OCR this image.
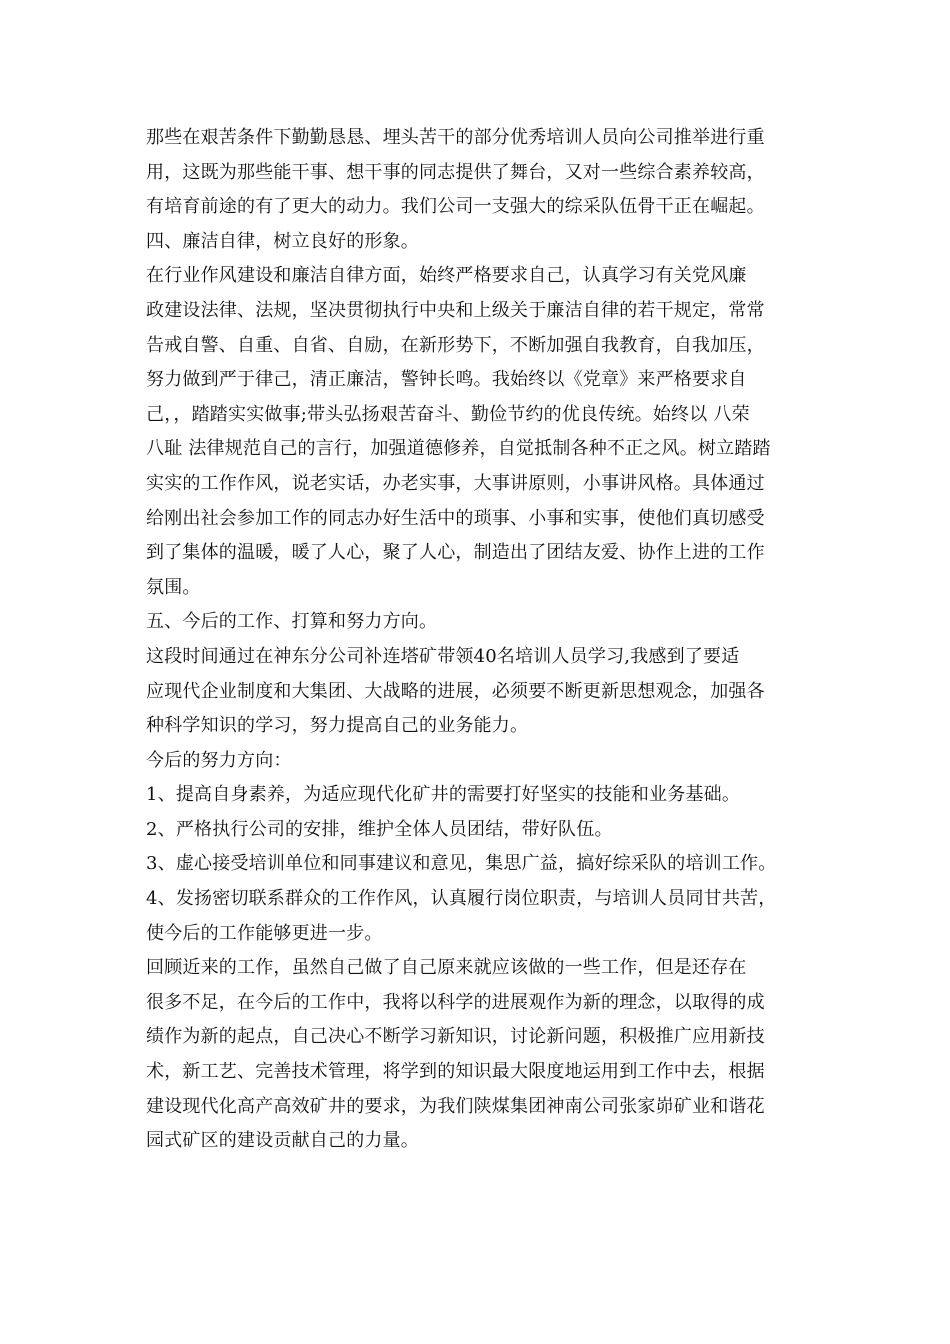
那些在艰苦条件下勤勤恳恳、埋头苦干的部分优秀培训人员向公司推举进行重
用，这既为那些能干事、想干事的同志提供了舞台，又对一些综合素养较高，
有培育前途的有了更大的动力。我们公司一支强大的综采队伍骨干正在崛起。
四、廉洁自律，树立良好的形象。
在行业作风建设和廉洁自律方面，始终严格要求自己，认真学习有关党风廉
政建设法律、法规，坚决贯彻执行中央和上级关于廉洁自律的若干规定，常常
告戒自警、自重、自省、自励，在新形势下，不断加强自我教育，自我加压，
努力做到严于律己，清正廉洁，警钟长鸣。我始终以《党章》来严格要求自
己，，踏踏实实做事;带头弘扬艰苦奋斗、勤俭节约的优良传统。始终以 八荣
八耻 法律规范自己的言行，加强道德修养，自觉抵制各种不正之风。树立踏踏
实实的工作作风，说老实话，办老实事，大事讲原则，小事讲风格。具体通过
给刚出社会参加工作的同志办好生活中的琐事、小事和实事，使他们真切感受
到了集体的温暖，暖了人心，聚了人心，制造出了团结友爱、协作上进的工作
氛围。
五、今后的工作、打算和努力方向。
这段时间通过在神东分公司补连塔矿带领40名培训人员学习,我感到了要适
应现代企业制度和大集团、大战略的进展，必须要不断更新思想观念，加强各
种科学知识的学习，努力提高自己的业务能力。
今后的努力方向：
1、提高自身素养，为适应现代化矿井的需要打好坚实的技能和业务基础。
2、严格执行公司的安排，维护全体人员团结，带好队伍。
3、虚心接受培训单位和同事建议和意见，集思广益，搞好综采队的培训工作。
4、发扬密切联系群众的工作作风，认真履行岗位职责，与培训人员同甘共苦，
使今后的工作能够更进一步。
回顾近来的工作，虽然自己做了自己原来就应该做的一些工作，但是还存在
很多不足，在今后的工作中，我将以科学的进展观作为新的理念，以取得的成
绩作为新的起点，自己决心不断学习新知识，讨论新问题，积极推广应用新技
术，新工艺、完善技术管理，将学到的知识最大限度地运用到工作中去，根据
建设现代化高产高效矿井的要求，为我们陕煤集团神南公司张家峁矿业和谐花
园式矿区的建设贡献自己的力量。
